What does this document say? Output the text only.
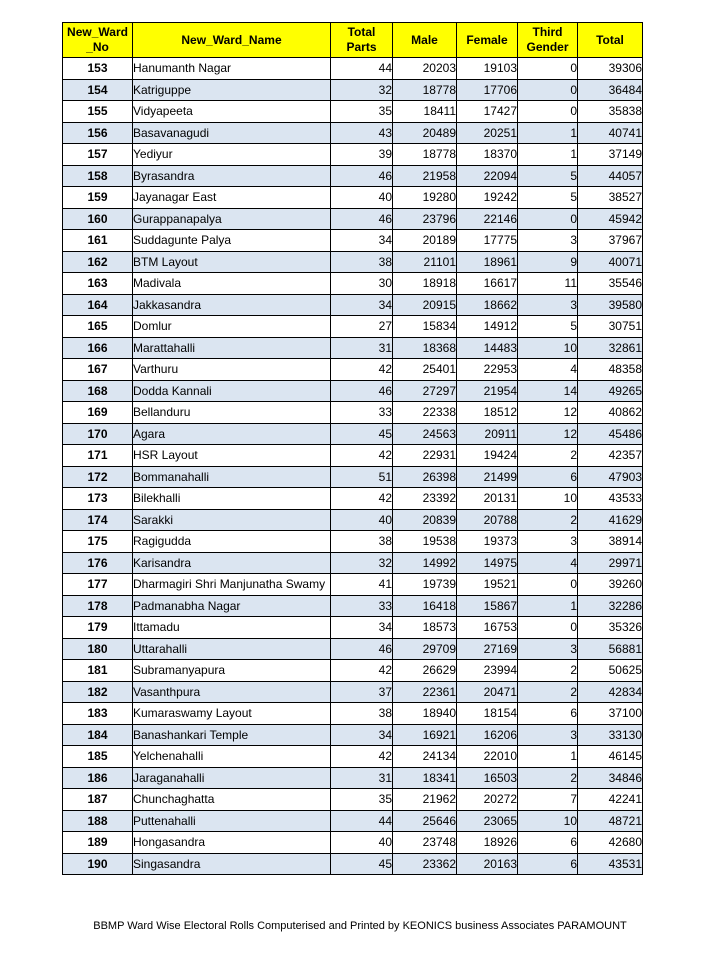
New_Ward _No	New_Ward_Name	Total Parts	Male	Female	Third Gender	Total
153	Hanumanth Nagar	44	20203	19103	0	39306
154	Katriguppe	32	18778	17706	0	36484
155	Vidyapeeta	35	18411	17427	0	35838
156	Basavanagudi	43	20489	20251	1	40741
157	Yediyur	39	18778	18370	1	37149
158	Byrasandra	46	21958	22094	5	44057
159	Jayanagar East	40	19280	19242	5	38527
160	Gurappanapalya	46	23796	22146	0	45942
161	Suddagunte Palya	34	20189	17775	3	37967
162	BTM Layout	38	21101	18961	9	40071
163	Madivala	30	18918	16617	11	35546
164	Jakkasandra	34	20915	18662	3	39580
165	Domlur	27	15834	14912	5	30751
166	Marattahalli	31	18368	14483	10	32861
167	Varthuru	42	25401	22953	4	48358
168	Dodda Kannali	46	27297	21954	14	49265
169	Bellanduru	33	22338	18512	12	40862
170	Agara	45	24563	20911	12	45486
171	HSR Layout	42	22931	19424	2	42357
172	Bommanahalli	51	26398	21499	6	47903
173	Bilekhalli	42	23392	20131	10	43533
174	Sarakki	40	20839	20788	2	41629
175	Ragigudda	38	19538	19373	3	38914
176	Karisandra	32	14992	14975	4	29971
177	Dharmagiri Shri Manjunatha Swamy	41	19739	19521	0	39260
178	Padmanabha Nagar	33	16418	15867	1	32286
179	Ittamadu	34	18573	16753	0	35326
180	Uttarahalli	46	29709	27169	3	56881
181	Subramanyapura	42	26629	23994	2	50625
182	Vasanthpura	37	22361	20471	2	42834
183	Kumaraswamy Layout	38	18940	18154	6	37100
184	Banashankari Temple	34	16921	16206	3	33130
185	Yelchenahalli	42	24134	22010	1	46145
186	Jaraganahalli	31	18341	16503	2	34846
187	Chunchaghatta	35	21962	20272	7	42241
188	Puttenahalli	44	25646	23065	10	48721
189	Hongasandra	40	23748	18926	6	42680
190	Singasandra	45	23362	20163	6	43531
BBMP Ward Wise Electoral Rolls Computerised and Printed by KEONICS business Associates PARAMOUNT
